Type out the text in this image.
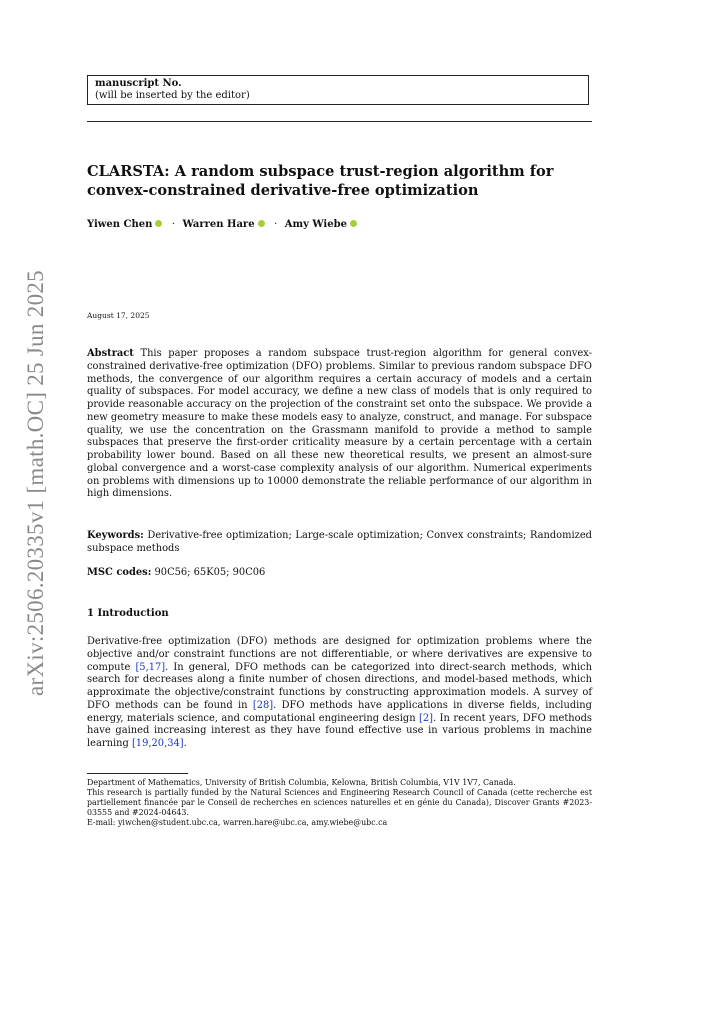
arXiv:2506.20335v1 [math.OC] 25 Jun 2025
manuscript No.
(will be inserted by the editor)
CLARSTA: A random subspace trust-region algorithm for convex-constrained derivative-free optimization
Yiwen Chen · Warren Hare · Amy Wiebe
August 17, 2025
Abstract This paper proposes a random subspace trust-region algorithm for general convex-constrained derivative-free optimization (DFO) problems. Similar to previous random subspace DFO methods, the convergence of our algorithm requires a certain accuracy of models and a certain quality of subspaces. For model accuracy, we define a new class of models that is only required to provide reasonable accuracy on the projection of the constraint set onto the subspace. We provide a new geometry measure to make these models easy to analyze, construct, and manage. For subspace quality, we use the concentration on the Grassmann manifold to provide a method to sample subspaces that preserve the first-order criticality measure by a certain percentage with a certain probability lower bound. Based on all these new theoretical results, we present an almost-sure global convergence and a worst-case complexity analysis of our algorithm. Numerical experiments on problems with dimensions up to 10000 demonstrate the reliable performance of our algorithm in high dimensions.
Keywords: Derivative-free optimization; Large-scale optimization; Convex constraints; Randomized subspace methods
MSC codes: 90C56; 65K05; 90C06
1 Introduction
Derivative-free optimization (DFO) methods are designed for optimization problems where the objective and/or constraint functions are not differentiable, or where derivatives are expensive to compute [5,17]. In general, DFO methods can be categorized into direct-search methods, which search for decreases along a finite number of chosen directions, and model-based methods, which approximate the objective/constraint functions by constructing approximation models. A survey of DFO methods can be found in [28]. DFO methods have applications in diverse fields, including energy, materials science, and computational engineering design [2]. In recent years, DFO methods have gained increasing interest as they have found effective use in various problems in machine learning [19,20,34].

Department of Mathematics, University of British Columbia, Kelowna, British Columbia, V1V 1V7, Canada.

This research is partially funded by the Natural Sciences and Engineering Research Council of Canada (cette recherche est partiellement financée par le Conseil de recherches en sciences naturelles et en génie du Canada), Discover Grants #2023-03555 and #2024-04643.

E-mail: yiwchen@student.ubc.ca, warren.hare@ubc.ca, amy.wiebe@ubc.ca
